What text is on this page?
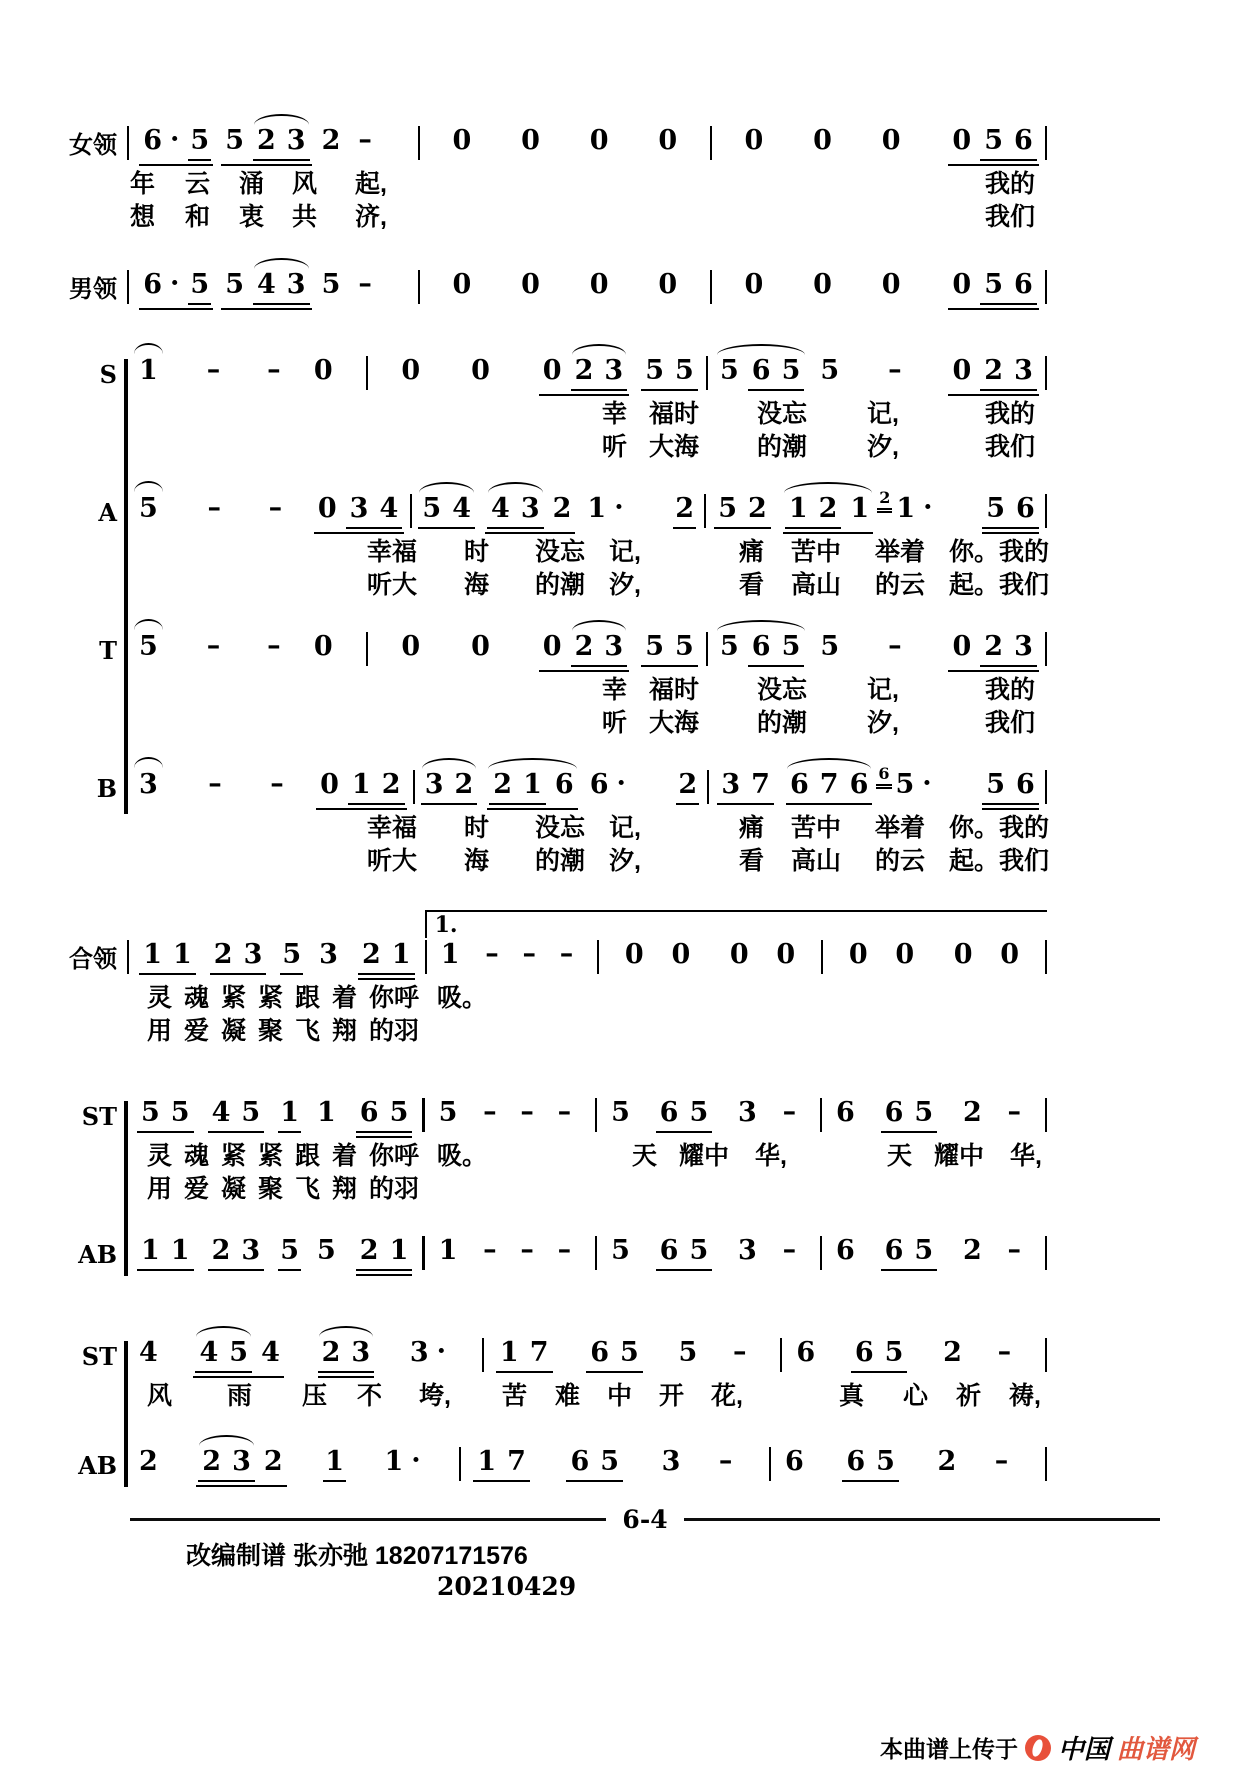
女领 6 · 5 5 2 3 2 –	0 0 0 0 0 0 0 0 5 6
年 云 涌 风 起,	我的
想 和 衷 共 济,	我们
男领 6 · 5 5 4 3 5 –	0 0 0 0 0 0 0 0 5 6
S 1 – – 0	0 0 0 2 3 5 5 5 6 5 5 – 0 2 3
幸 福时 没忘 记,	我的
听 大海 的潮 汐,	我们
A 5 – – 0 3 4 5 4 4 3 2 1 · 2 5 2 1 2 1 2 1 · 5 6
幸福 时 没忘 记,	痛 苦中 举着 你。 我的
听大 海 的潮 汐,	看 高山 的云 起。 我们
T 5 – – 0	0 0 0 2 3 5 5 5 6 5 5 – 0 2 3
幸 福时 没忘 记,	我的
听 大海 的潮 汐,	我们
B 3 – – 0 1 2 3 2 2 1 6 6 · 2 3 7 6 7 6 6 5 · 5 6
幸福 时 没忘 记,	痛 苦中 举着 你。 我的
听大 海 的潮 汐,	看 高山 的云 起。 我们
合领 1 1 2 3 5 3 2 1
1.
1 – – – 0 0 0 0 0 0 0 0
灵 魂 紧 紧 跟 着 你呼 吸。
用 爱 凝 聚 飞 翔 的羽
ST 5 5 4 5 1 1 6 5 5 – – – 5 6 5 3 – 6 6 5 2 –
灵 魂 紧 紧 跟 着 你呼 吸。	天 耀中 华,	天 耀中 华,
用 爱 凝 聚 飞 翔 的羽
AB 1 1 2 3 5 5 2 1 1 – – – 5 6 5 3 – 6 6 5 2 –
ST 4 4 5 4 2 3 3 · 1 7 6 5 5 – 6 6 5 2 –
风 雨 压 不 垮, 苦 难 中 开 花,	真 心 祈 祷,
AB 2 2 3 2 1 1 · 1 7 6 5 3 – 6 6 5 2 –
6-4
改编制谱 张亦弛 18207171576
20210429
本曲谱上传于 中国 曲谱网
